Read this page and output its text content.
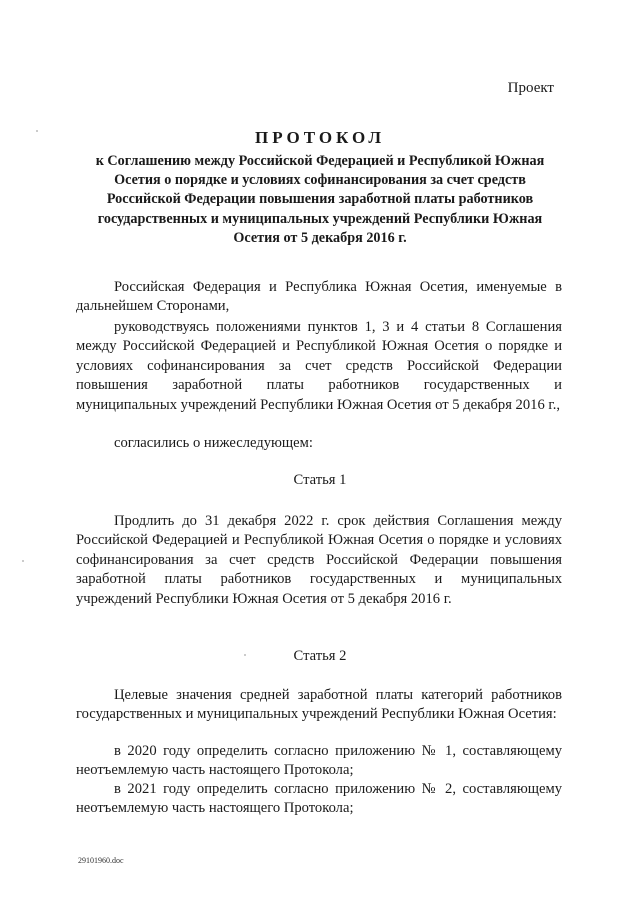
Проект
ПРОТОКОЛ
к Соглашению между Российской Федерацией и Республикой Южная Осетия о порядке и условиях софинансирования за счет средств Российской Федерации повышения заработной платы работников государственных и муниципальных учреждений Республики Южная Осетия от 5 декабря 2016 г.
Российская Федерация и Республика Южная Осетия, именуемые в дальнейшем Сторонами,
руководствуясь положениями пунктов 1, 3 и 4 статьи 8 Соглашения между Российской Федерацией и Республикой Южная Осетия о порядке и условиях софинансирования за счет средств Российской Федерации повышения заработной платы работников государственных и муниципальных учреждений Республики Южная Осетия от 5 декабря 2016 г.,
согласились о нижеследующем:
Статья 1
Продлить до 31 декабря 2022 г. срок действия Соглашения между Российской Федерацией и Республикой Южная Осетия о порядке и условиях софинансирования за счет средств Российской Федерации повышения заработной платы работников государственных и муниципальных учреждений Республики Южная Осетия от 5 декабря 2016 г.
Статья 2
Целевые значения средней заработной платы категорий работников государственных и муниципальных учреждений Республики Южная Осетия:
в 2020 году определить согласно приложению № 1, составляющему неотъемлемую часть настоящего Протокола;
в 2021 году определить согласно приложению № 2, составляющему неотъемлемую часть настоящего Протокола;
29101960.doc
